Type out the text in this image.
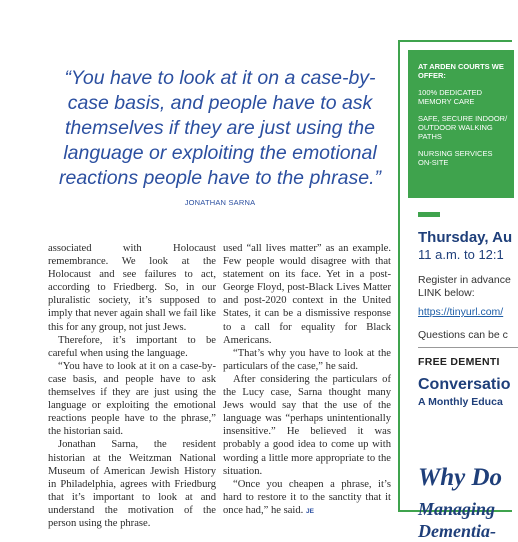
“You have to look at it on a case-by-case basis, and people have to ask themselves if they are just using the language or exploiting the emotional reactions people have to the phrase.”
JONATHAN SARNA

associated with Holocaust remembrance. We look at the Holocaust and see failures to act, according to Friedberg. So, in our pluralistic society, it’s supposed to imply that never again shall we fail like this for any group, not just Jews.

Therefore, it’s important to be careful when using the language.

“You have to look at it on a case-by-case basis, and people have to ask themselves if they are just using the language or exploiting the emotional reactions people have to the phrase,” the historian said.

Jonathan Sarna, the resident historian at the Weitzman National Museum of American Jewish History in Philadelphia, agrees with Friedburg that it’s important to look at and understand the motivation of the person using the phrase.

used “all lives matter” as an example. Few people would disagree with that statement on its face. Yet in a post-George Floyd, post-Black Lives Matter and post-2020 context in the United States, it can be a dismissive response to a call for equality for Black Americans.

“That’s why you have to look at the particulars of the case,” he said.

After considering the particulars of the Lucy case, Sarna thought many Jews would say that the use of the language was “perhaps unintentionally insensitive.” He believed it was probably a good idea to come up with wording a little more appropriate to the situation.

“Once you cheapen a phrase, it’s hard to restore it to the sanctity that it once had,” he said. JE

AT ARDEN COURTS WE
OFFER:
100% DEDICATED
MEMORY CARE
SAFE, SECURE INDOOR/
OUTDOOR WALKING
PATHS
NURSING SERVICES
ON-SITE
Thursday, Au
11 a.m. to 12:1
Register in advance
LINK below:
https://tinyurl.com/
Questions can be c
FREE DEMENTI
Conversatio
A Monthly Educa
Why Do
Managing
Dementia-
